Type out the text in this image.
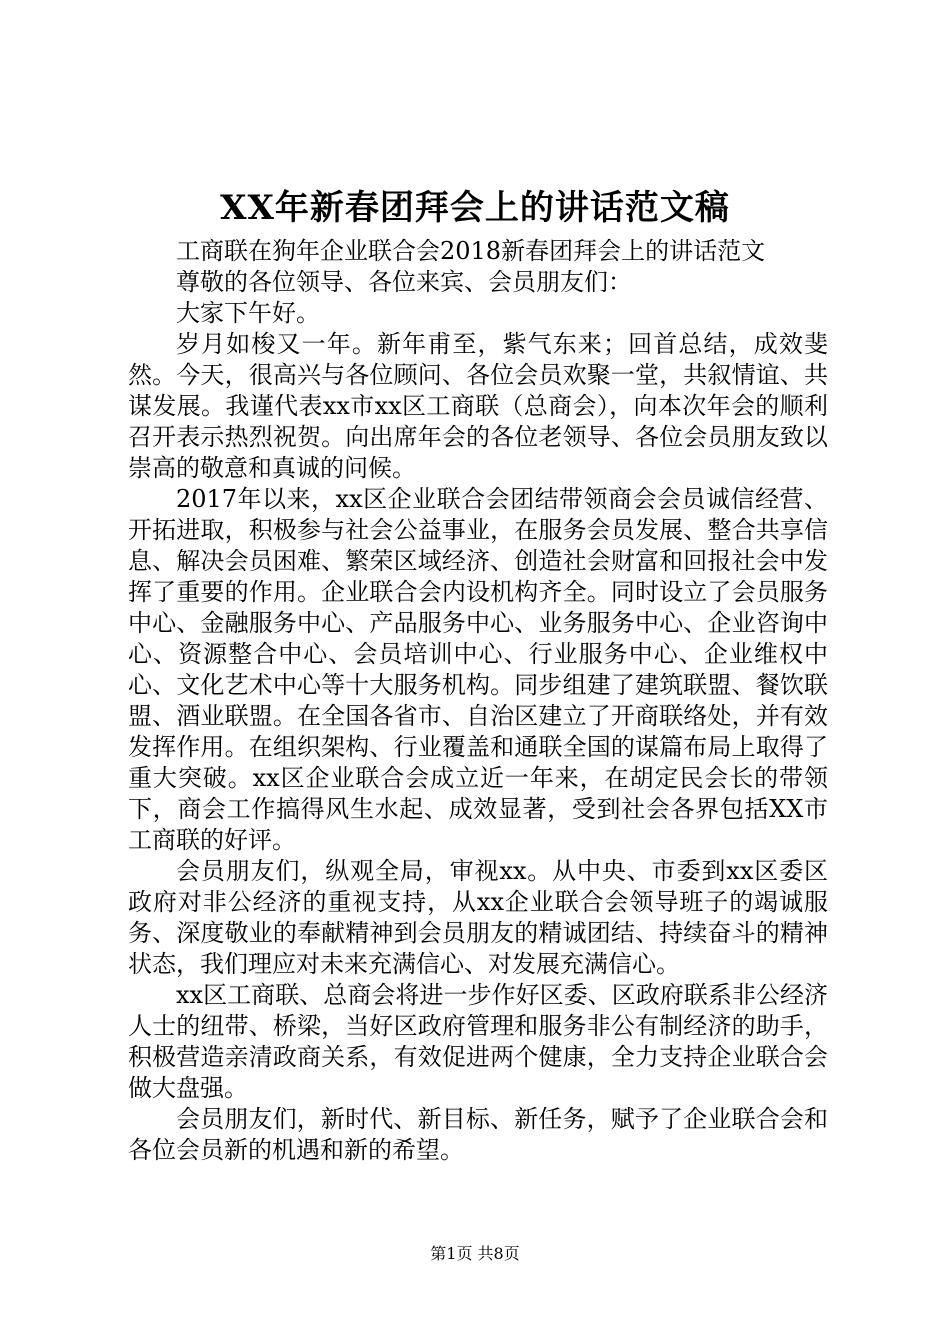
XX年新春团拜会上的讲话范文稿

工商联在狗年企业联合会2018新春团拜会上的讲话范文

尊敬的各位领导、各位来宾、会员朋友们：

大家下午好。

岁月如梭又一年。新年甫至，紫气东来；回首总结，成效斐然。今天，很高兴与各位顾问、各位会员欢聚一堂，共叙情谊、共谋发展。我谨代表xx市xx区工商联（总商会），向本次年会的顺利召开表示热烈祝贺。向出席年会的各位老领导、各位会员朋友致以崇高的敬意和真诚的问候。

2017年以来，xx区企业联合会团结带领商会会员诚信经营、开拓进取，积极参与社会公益事业，在服务会员发展、整合共享信息、解决会员困难、繁荣区域经济、创造社会财富和回报社会中发挥了重要的作用。企业联合会内设机构齐全。同时设立了会员服务中心、金融服务中心、产品服务中心、业务服务中心、企业咨询中心、资源整合中心、会员培训中心、行业服务中心、企业维权中心、文化艺术中心等十大服务机构。同步组建了建筑联盟、餐饮联盟、酒业联盟。在全国各省市、自治区建立了开商联络处，并有效发挥作用。在组织架构、行业覆盖和通联全国的谋篇布局上取得了重大突破。xx区企业联合会成立近一年来，在胡定民会长的带领下，商会工作搞得风生水起、成效显著，受到社会各界包括XX市工商联的好评。

会员朋友们，纵观全局，审视xx。从中央、市委到xx区委区政府对非公经济的重视支持，从xx企业联合会领导班子的竭诚服务、深度敬业的奉献精神到会员朋友的精诚团结、持续奋斗的精神状态，我们理应对未来充满信心、对发展充满信心。

xx区工商联、总商会将进一步作好区委、区政府联系非公经济人士的纽带、桥梁，当好区政府管理和服务非公有制经济的助手，积极营造亲清政商关系，有效促进两个健康，全力支持企业联合会做大盘强。

会员朋友们，新时代、新目标、新任务，赋予了企业联合会和各位会员新的机遇和新的希望。

第1页 共8页
